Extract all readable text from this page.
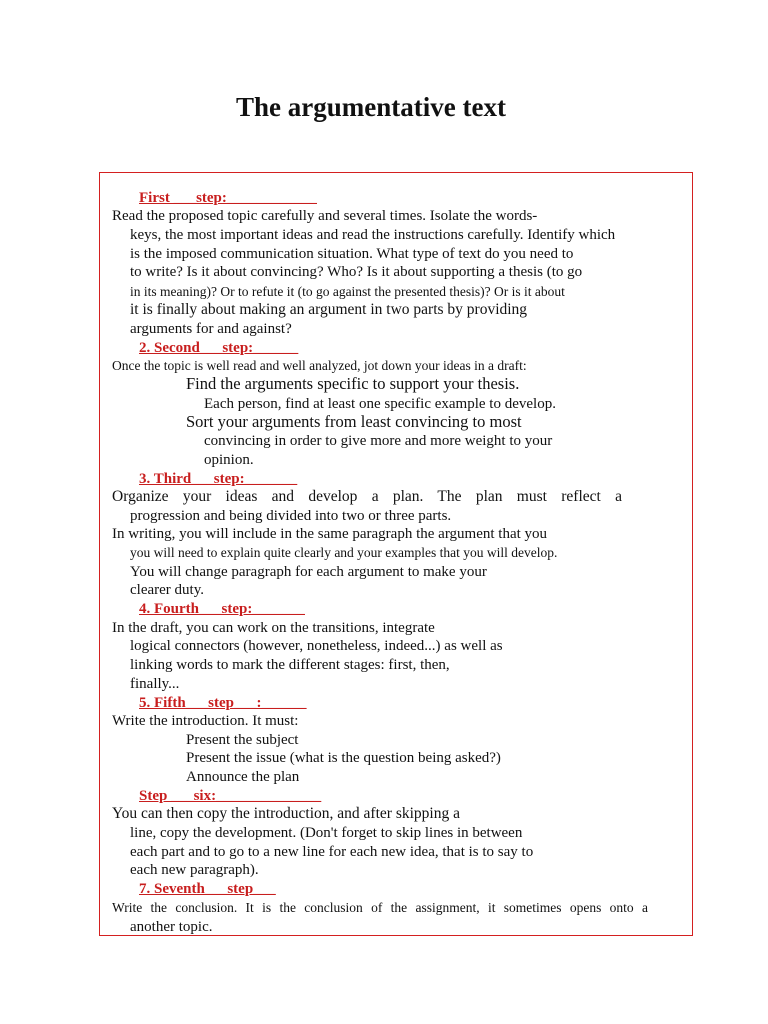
The argumentative text
First ___step:____________
Read the proposed topic carefully and several times. Isolate the words-
keys, the most important ideas and read the instructions carefully. Identify which
is the imposed communication situation. What type of text do you need to
to write? Is it about convincing? Who? Is it about supporting a thesis (to go
in its meaning)? Or to refute it (to go against the presented thesis)? Or is it about
it is finally about making an argument in two parts by providing
arguments for and against?
2. Second___step:______
Once the topic is well read and well analyzed, jot down your ideas in a draft:
Find the arguments specific to support your thesis.
Each person, find at least one specific example to develop.
Sort your arguments from least convincing to most
convincing in order to give more and more weight to your
opinion.
3. Third___step:_______
Organize your ideas and develop a plan. The plan must reflect a
progression and being divided into two or three parts.
In writing, you will include in the same paragraph the argument that you
you will need to explain quite clearly and your examples that you will develop.
You will change paragraph for each argument to make your
clearer duty.
4. Fourth___step:_______
In the draft, you can work on the transitions, integrate
logical connectors (however, nonetheless, indeed...) as well as
linking words to mark the different stages: first, then,
finally...
5. Fifth___step___:______
Write the introduction. It must:
Present the subject
Present the issue (what is the question being asked?)
Announce the plan
Step ___six:______________
You can then copy the introduction, and after skipping a
line, copy the development. (Don't forget to skip lines in between
each part and to go to a new line for each new idea, that is to say to
each new paragraph).
7. Seventh___step___
Write the conclusion. It is the conclusion of the assignment, it sometimes opens onto a
another topic.
